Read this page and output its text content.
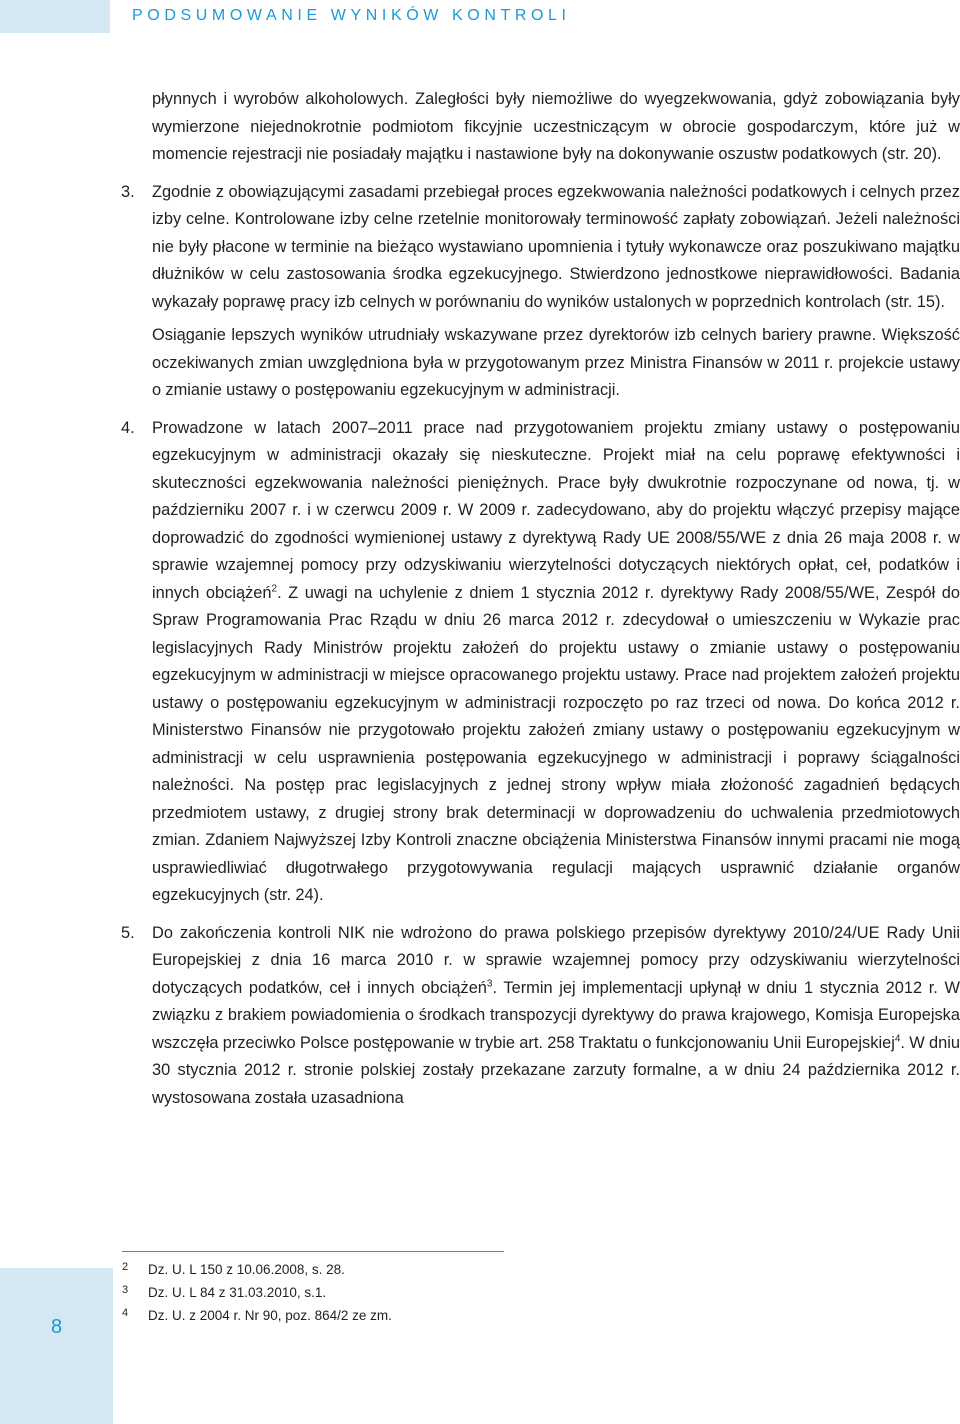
PODSUMOWANIE WYNIKÓW KONTROLI

płynnych i wyrobów alkoholowych. Zaległości były niemożliwe do wyegzekwowania, gdyż zobowiązania były wymierzone niejednokrotnie podmiotom fikcyjnie uczestniczącym w obrocie gospodarczym, które już w momencie rejestracji nie posiadały majątku i nastawione były na dokonywanie oszustw podatkowych (str. 20).

3. Zgodnie z obowiązującymi zasadami przebiegał proces egzekwowania należności podatkowych i celnych przez izby celne. Kontrolowane izby celne rzetelnie monitorowały terminowość zapłaty zobowiązań. Jeżeli należności nie były płacone w terminie na bieżąco wystawiano upomnienia i tytuły wykonawcze oraz poszukiwano majątku dłużników w celu zastosowania środka egzekucyjnego. Stwierdzono jednostkowe nieprawidłowości. Badania wykazały poprawę pracy izb celnych w porównaniu do wyników ustalonych w poprzednich kontrolach (str. 15).

Osiąganie lepszych wyników utrudniały wskazywane przez dyrektorów izb celnych bariery prawne. Większość oczekiwanych zmian uwzględniona była w przygotowanym przez Ministra Finansów w 2011 r. projekcie ustawy o zmianie ustawy o postępowaniu egzekucyjnym w administracji.

4. Prowadzone w latach 2007–2011 prace nad przygotowaniem projektu zmiany ustawy o postępowaniu egzekucyjnym w administracji okazały się nieskuteczne. Projekt miał na celu poprawę efektywności i skuteczności egzekwowania należności pieniężnych. Prace były dwukrotnie rozpoczynane od nowa, tj. w październiku 2007 r. i w czerwcu 2009 r. W 2009 r. zadecydowano, aby do projektu włączyć przepisy mające doprowadzić do zgodności wymienionej ustawy z dyrektywą Rady UE 2008/55/WE z dnia 26 maja 2008 r. w sprawie wzajemnej pomocy przy odzyskiwaniu wierzytelności dotyczących niektórych opłat, ceł, podatków i innych obciążeń$^2$. Z uwagi na uchylenie z dniem 1 stycznia 2012 r. dyrektywy Rady 2008/55/WE, Zespół do Spraw Programowania Prac Rządu w dniu 26 marca 2012 r. zdecydował o umieszczeniu w Wykazie prac legislacyjnych Rady Ministrów projektu założeń do projektu ustawy o zmianie ustawy o postępowaniu egzekucyjnym w administracji w miejsce opracowanego projektu ustawy. Prace nad projektem założeń projektu ustawy o postępowaniu egzekucyjnym w administracji rozpoczęto po raz trzeci od nowa. Do końca 2012 r. Ministerstwo Finansów nie przygotowało projektu założeń zmiany ustawy o postępowaniu egzekucyjnym w administracji w celu usprawnienia postępowania egzekucyjnego w administracji i poprawy ściągalności należności. Na postęp prac legislacyjnych z jednej strony wpływ miała złożoność zagadnień będących przedmiotem ustawy, z drugiej strony brak determinacji w doprowadzeniu do uchwalenia przedmiotowych zmian. Zdaniem Najwyższej Izby Kontroli znaczne obciążenia Ministerstwa Finansów innymi pracami nie mogą usprawiedliwiać długotrwałego przygotowywania regulacji mających usprawnić działanie organów egzekucyjnych (str. 24).

5. Do zakończenia kontroli NIK nie wdrożono do prawa polskiego przepisów dyrektywy 2010/24/UE Rady Unii Europejskiej z dnia 16 marca 2010 r. w sprawie wzajemnej pomocy przy odzyskiwaniu wierzytelności dotyczących podatków, ceł i innych obciążeń$^3$. Termin jej implementacji upłynął w dniu 1 stycznia 2012 r. W związku z brakiem powiadomienia o środkach transpozycji dyrektywy do prawa krajowego, Komisja Europejska wszczęła przeciwko Polsce postępowanie w trybie art. 258 Traktatu o funkcjonowaniu Unii Europejskiej$^4$. W dniu 30 stycznia 2012 r. stronie polskiej zostały przekazane zarzuty formalne, a w dniu 24 października 2012 r. wystosowana została uzasadniona

2 Dz. U. L 150 z 10.06.2008, s. 28.
3 Dz. U. L 84 z 31.03.2010, s.1.
4 Dz. U. z 2004 r. Nr 90, poz. 864/2 ze zm.
8
